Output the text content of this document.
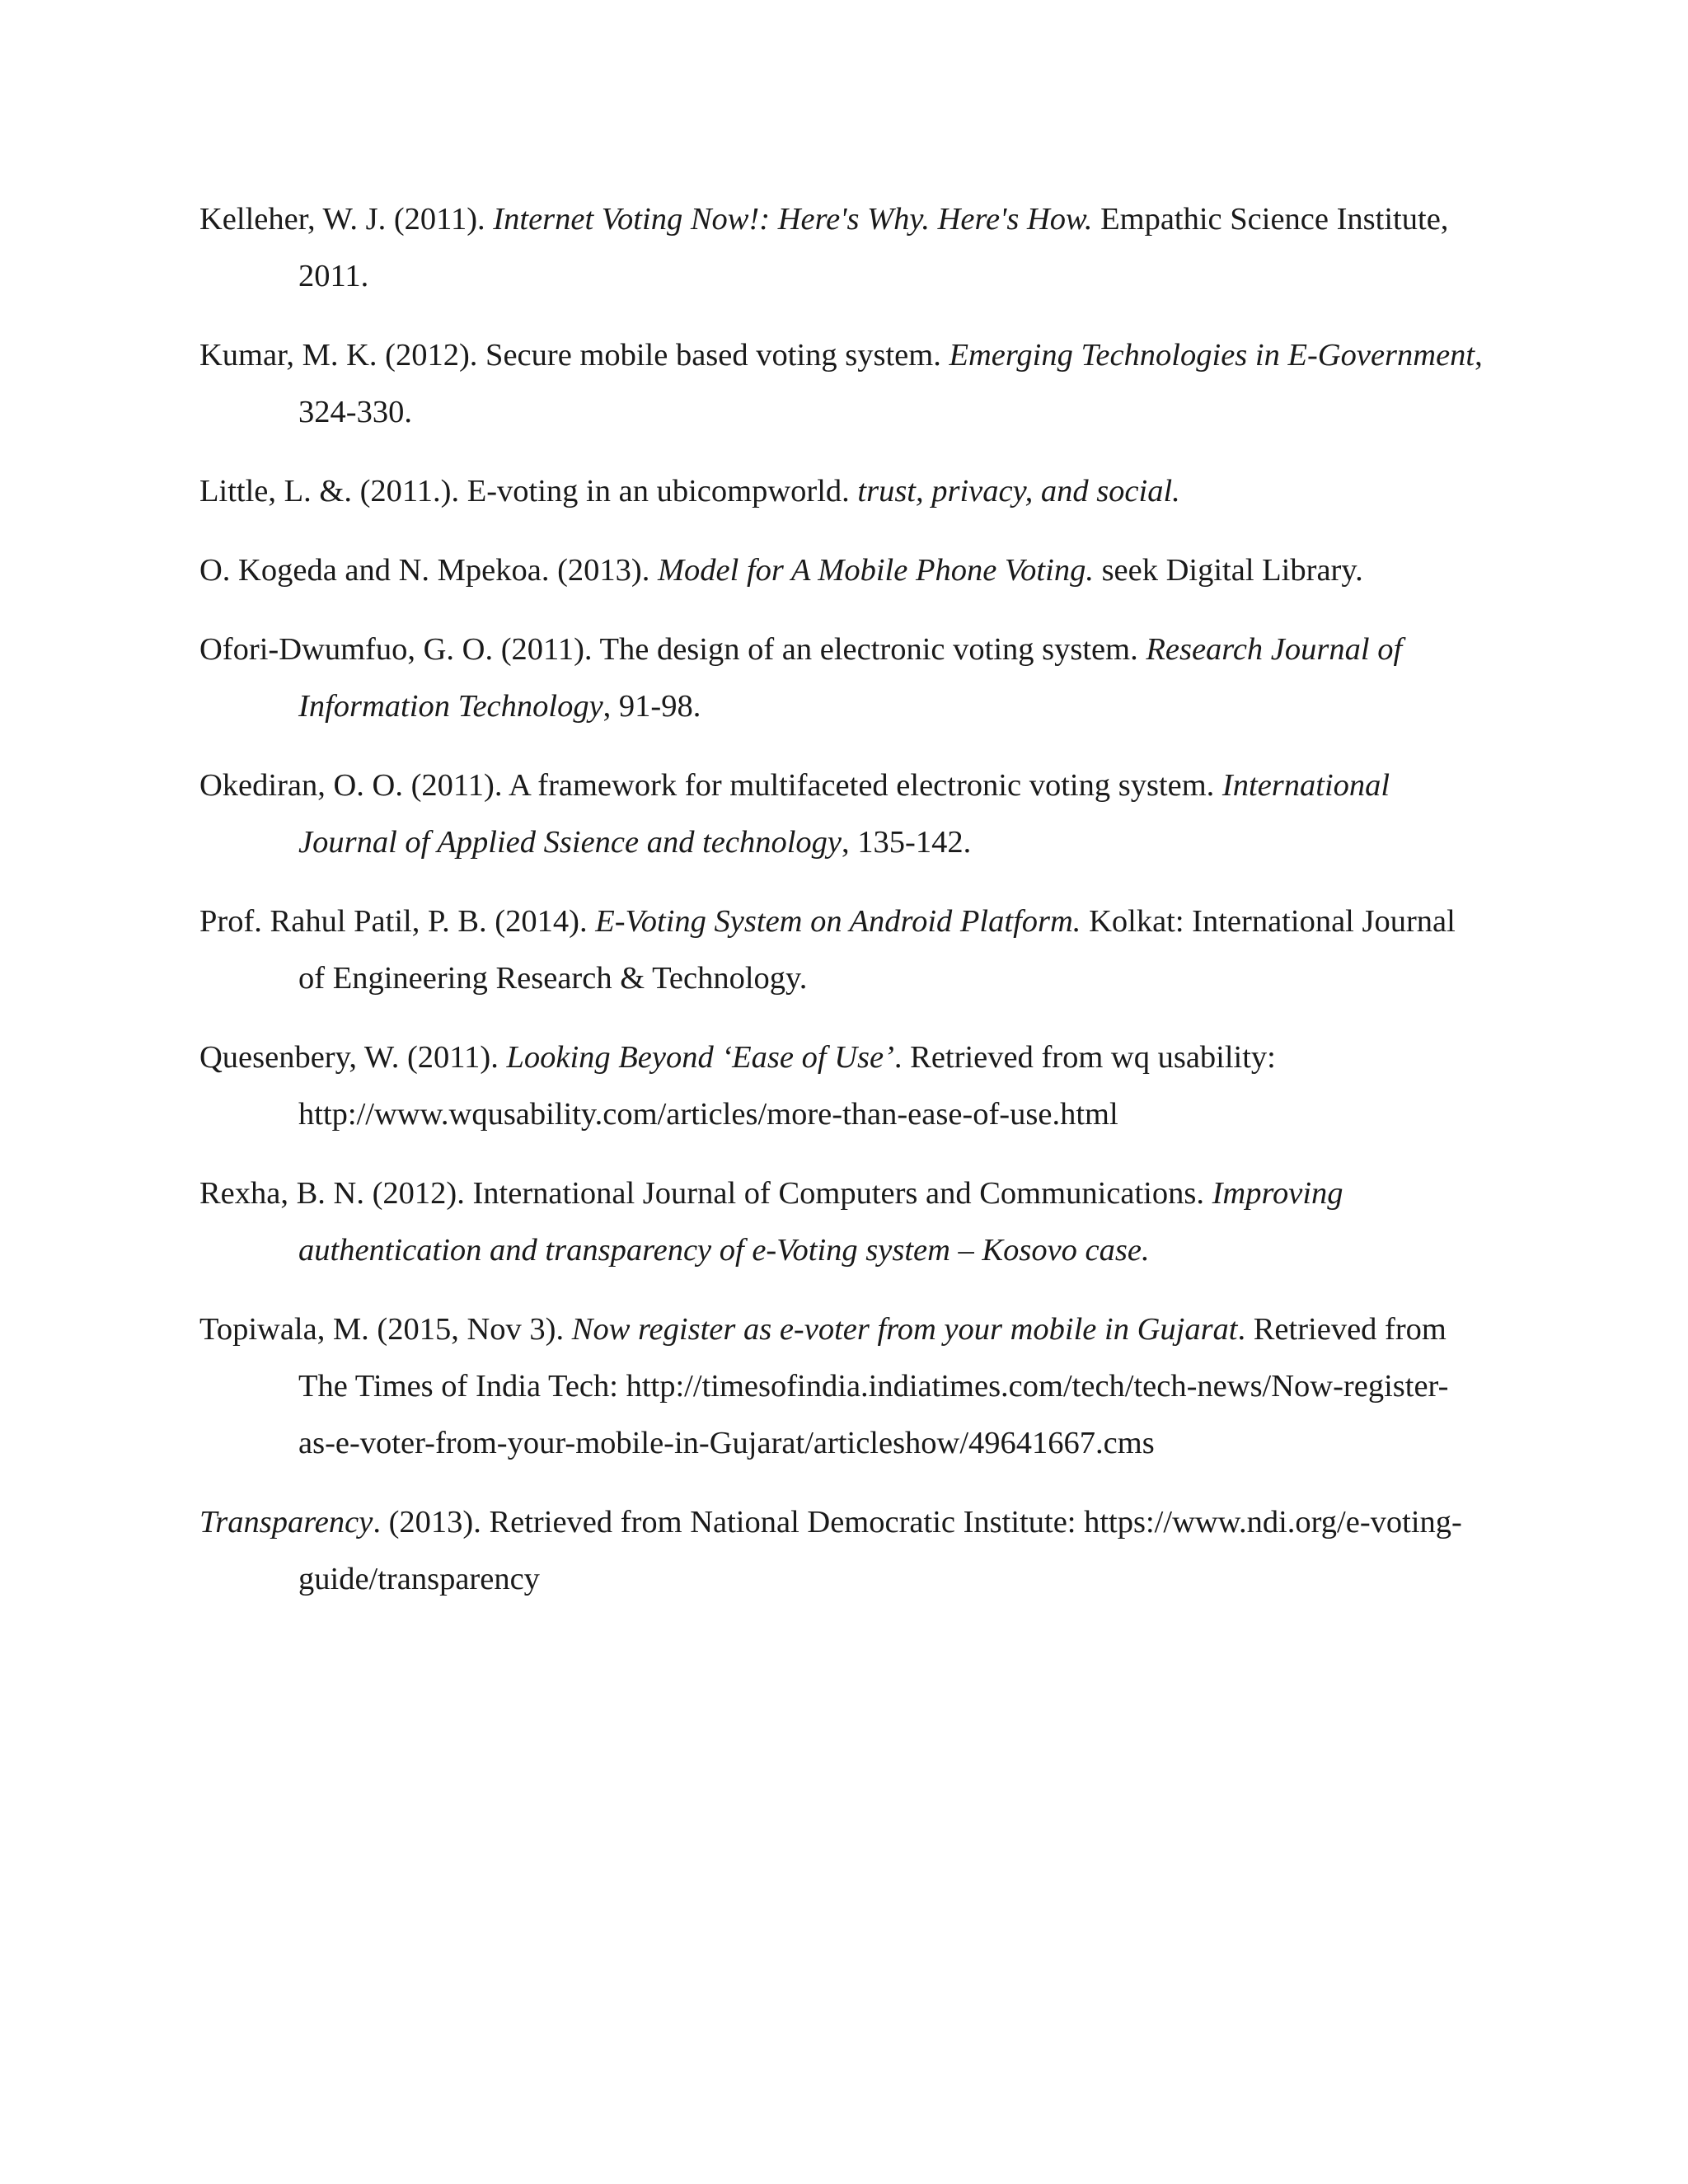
Kelleher, W. J. (2011). Internet Voting Now!: Here's Why. Here's How. Empathic Science Institute, 2011.
Kumar, M. K. (2012). Secure mobile based voting system. Emerging Technologies in E-Government, 324-330.
Little, L. &. (2011.). E-voting in an ubicompworld. trust, privacy, and social.
O. Kogeda and N. Mpekoa. (2013). Model for A Mobile Phone Voting. seek Digital Library.
Ofori-Dwumfuo, G. O. (2011). The design of an electronic voting system. Research Journal of Information Technology, 91-98.
Okediran, O. O. (2011). A framework for multifaceted electronic voting system. International Journal of Applied Ssience and technology, 135-142.
Prof. Rahul Patil, P. B. (2014). E-Voting System on Android Platform. Kolkat: International Journal of Engineering Research & Technology.
Quesenbery, W. (2011). Looking Beyond ‘Ease of Use’. Retrieved from wq usability: http://www.wqusability.com/articles/more-than-ease-of-use.html
Rexha, B. N. (2012). International Journal of Computers and Communications. Improving authentication and transparency of e-Voting system – Kosovo case.
Topiwala, M. (2015, Nov 3). Now register as e-voter from your mobile in Gujarat. Retrieved from The Times of India Tech: http://timesofindia.indiatimes.com/tech/tech-news/Now-register-as-e-voter-from-your-mobile-in-Gujarat/articleshow/49641667.cms
Transparency. (2013). Retrieved from National Democratic Institute: https://www.ndi.org/e-voting-guide/transparency
